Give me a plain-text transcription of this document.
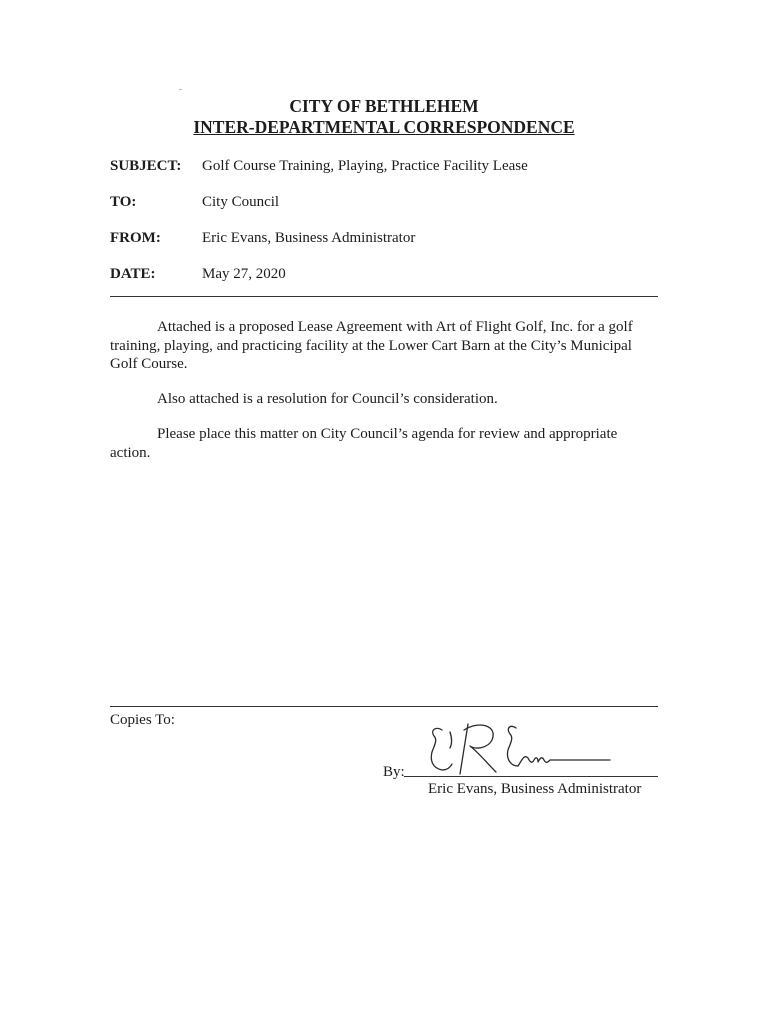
CITY OF BETHLEHEM
INTER-DEPARTMENTAL CORRESPONDENCE
SUBJECT: Golf Course Training, Playing, Practice Facility Lease
TO:	City Council
FROM:	Eric Evans, Business Administrator
DATE:	May 27, 2020

Attached is a proposed Lease Agreement with Art of Flight Golf, Inc. for a golf training, playing, and practicing facility at the Lower Cart Barn at the City’s Municipal Golf Course.

Also attached is a resolution for Council’s consideration.

Please place this matter on City Council’s agenda for review and appropriate action.

Copies To:
By:
Eric Evans, Business Administrator
